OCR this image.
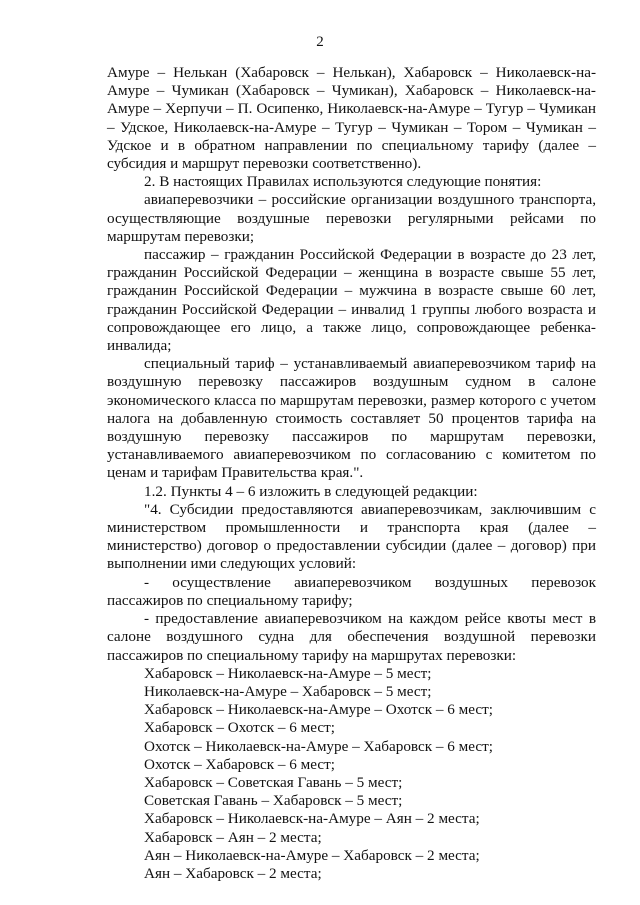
2

Амуре – Нелькан (Хабаровск – Нелькан), Хабаровск – Николаевск-на-Амуре – Чумикан (Хабаровск – Чумикан), Хабаровск – Николаевск-на-Амуре – Херпучи – П. Осипенко, Николаевск-на-Амуре – Тугур – Чумикан – Удское, Николаевск-на-Амуре – Тугур – Чумикан – Тором – Чумикан – Удское и в обратном направлении по специальному тарифу (далее – субсидия и маршрут перевозки соответственно).

2. В настоящих Правилах используются следующие понятия:

авиаперевозчики – российские организации воздушного транспорта, осуществляющие воздушные перевозки регулярными рейсами по маршрутам перевозки;

пассажир – гражданин Российской Федерации в возрасте до 23 лет, гражданин Российской Федерации – женщина в возрасте свыше 55 лет, гражданин Российской Федерации – мужчина в возрасте свыше 60 лет, гражданин Российской Федерации – инвалид 1 группы любого возраста и сопровождающее его лицо, а также лицо, сопровождающее ребенка-инвалида;

специальный тариф – устанавливаемый авиаперевозчиком тариф на воздушную перевозку пассажиров воздушным судном в салоне экономического класса по маршрутам перевозки, размер которого с учетом налога на добавленную стоимость составляет 50 процентов тарифа на воздушную перевозку пассажиров по маршрутам перевозки, устанавливаемого авиаперевозчиком по согласованию с комитетом по ценам и тарифам Правительства края.".

1.2. Пункты 4 – 6 изложить в следующей редакции:

"4. Субсидии предоставляются авиаперевозчикам, заключившим с министерством промышленности и транспорта края (далее – министерство) договор о предоставлении субсидии (далее – договор) при выполнении ими следующих условий:

- осуществление авиаперевозчиком воздушных перевозок пассажиров по специальному тарифу;

- предоставление авиаперевозчиком на каждом рейсе квоты мест в салоне воздушного судна для обеспечения воздушной перевозки пассажиров по специальному тарифу на маршрутах перевозки:

Хабаровск – Николаевск-на-Амуре – 5 мест;

Николаевск-на-Амуре – Хабаровск – 5 мест;

Хабаровск – Николаевск-на-Амуре – Охотск – 6 мест;

Хабаровск – Охотск – 6 мест;

Охотск – Николаевск-на-Амуре – Хабаровск – 6 мест;

Охотск – Хабаровск – 6 мест;

Хабаровск – Советская Гавань – 5 мест;

Советская Гавань – Хабаровск – 5 мест;

Хабаровск – Николаевск-на-Амуре – Аян – 2 места;

Хабаровск – Аян – 2 места;

Аян – Николаевск-на-Амуре – Хабаровск – 2 места;

Аян – Хабаровск – 2 места;
